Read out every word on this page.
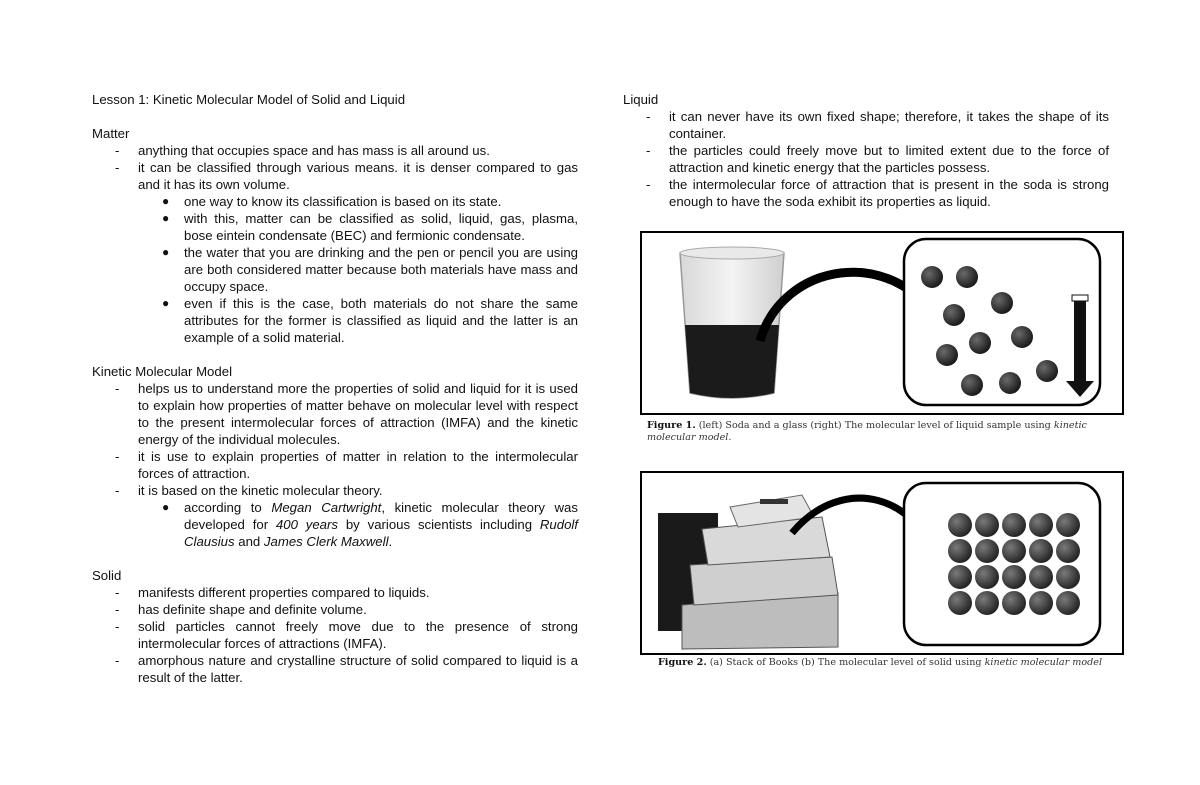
Lesson 1: Kinetic Molecular Model of Solid and Liquid
Matter
- anything that occupies space and has mass is all around us.
- it can be classified through various means. it is denser compared to gas and it has its own volume.
● one way to know its classification is based on its state.
● with this, matter can be classified as solid, liquid, gas, plasma, bose eintein condensate (BEC) and fermionic condensate.
● the water that you are drinking and the pen or pencil you are using are both considered matter because both materials have mass and occupy space.
● even if this is the case, both materials do not share the same attributes for the former is classified as liquid and the latter is an example of a solid material.
Kinetic Molecular Model
- helps us to understand more the properties of solid and liquid for it is used to explain how properties of matter behave on molecular level with respect to the present intermolecular forces of attraction (IMFA) and the kinetic energy of the individual molecules.
- it is use to explain properties of matter in relation to the intermolecular forces of attraction.
- it is based on the kinetic molecular theory.
● according to Megan Cartwright, kinetic molecular theory was developed for 400 years by various scientists including Rudolf Clausius and James Clerk Maxwell.
Solid
- manifests different properties compared to liquids.
- has definite shape and definite volume.
- solid particles cannot freely move due to the presence of strong intermolecular forces of attractions (IMFA).
- amorphous nature and crystalline structure of solid compared to liquid is a result of the latter.
Liquid
- it can never have its own fixed shape; therefore, it takes the shape of its container.
- the particles could freely move but to limited extent due to the force of attraction and kinetic energy that the particles possess.
- the intermolecular force of attraction that is present in the soda is strong enough to have the soda exhibit its properties as liquid.
Figure 1. (left) Soda and a glass (right) The molecular level of liquid sample using kinetic molecular model.
Figure 2. (a) Stack of Books (b) The molecular level of solid using kinetic molecular model
